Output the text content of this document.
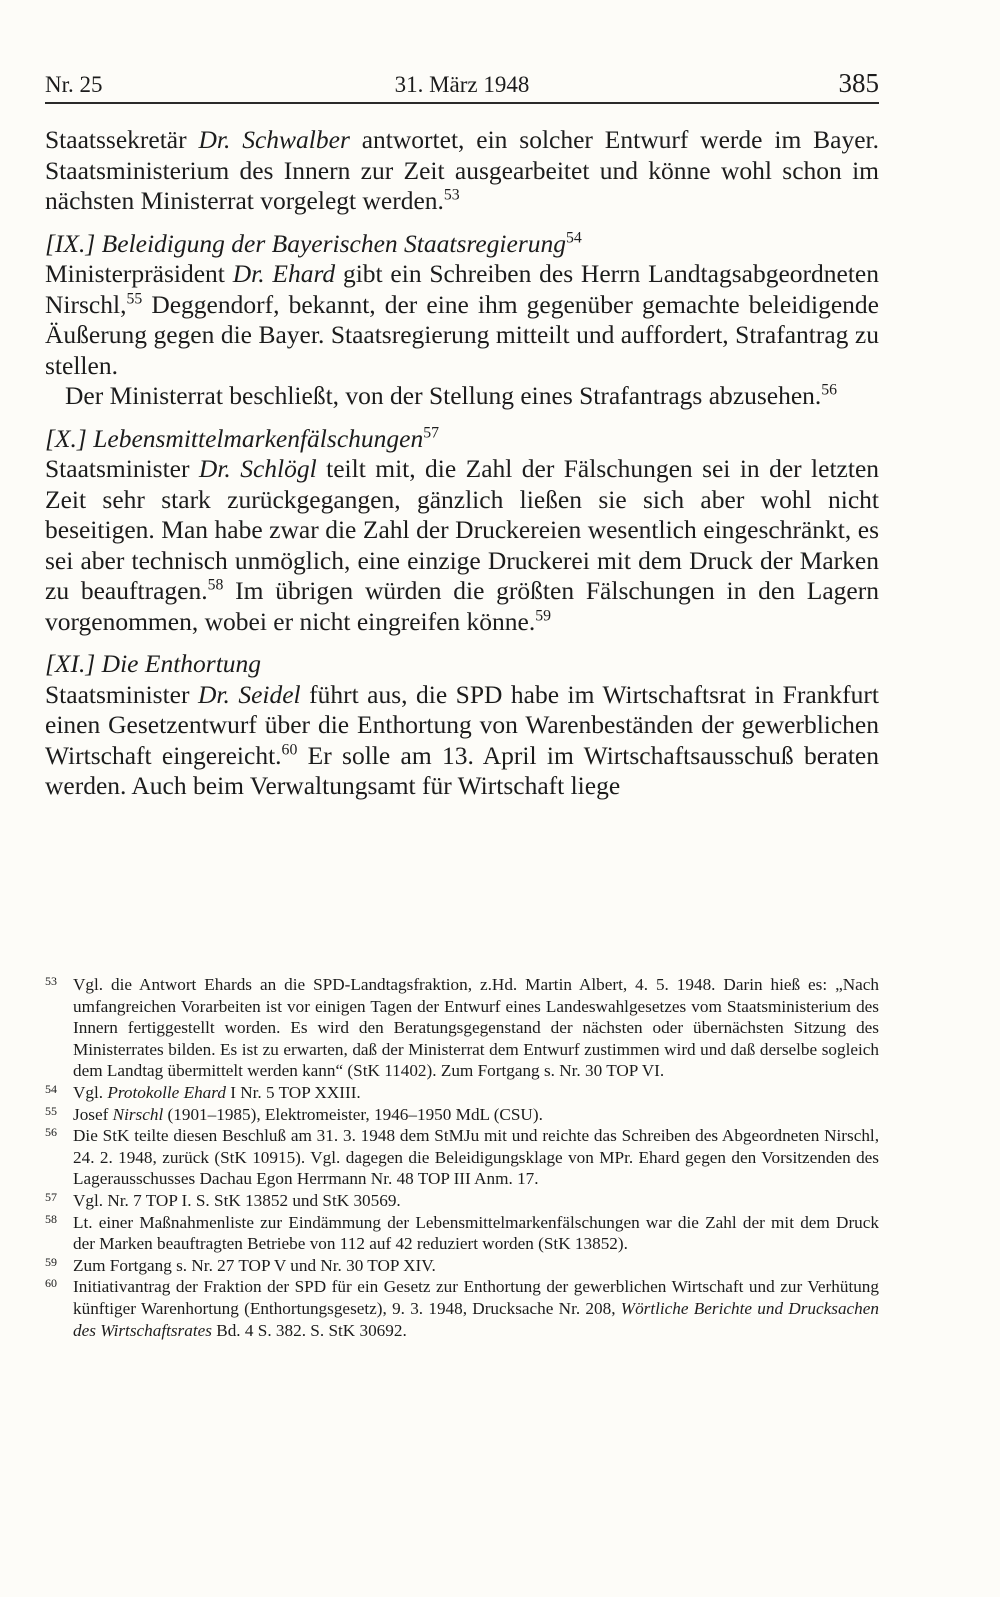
Nr. 25	31. März 1948	385

Staatssekretär Dr. Schwalber antwortet, ein solcher Entwurf werde im Bayer. Staatsministerium des Innern zur Zeit ausgearbeitet und könne wohl schon im nächsten Ministerrat vorgelegt werden.$^{53}$

[IX.] Beleidigung der Bayerischen Staatsregierung$^{54}$

Ministerpräsident Dr. Ehard gibt ein Schreiben des Herrn Landtagsabgeordneten Nirschl,$^{55}$ Deggendorf, bekannt, der eine ihm gegenüber gemachte beleidigende Äußerung gegen die Bayer. Staatsregierung mitteilt und auffordert, Strafantrag zu stellen.

Der Ministerrat beschließt, von der Stellung eines Strafantrags abzusehen.$^{56}$

[X.] Lebensmittelmarkenfälschungen$^{57}$

Staatsminister Dr. Schlögl teilt mit, die Zahl der Fälschungen sei in der letzten Zeit sehr stark zurückgegangen, gänzlich ließen sie sich aber wohl nicht beseitigen. Man habe zwar die Zahl der Druckereien wesentlich eingeschränkt, es sei aber technisch unmöglich, eine einzige Druckerei mit dem Druck der Marken zu beauftragen.$^{58}$ Im übrigen würden die größten Fälschungen in den Lagern vorgenommen, wobei er nicht eingreifen könne.$^{59}$

[XI.] Die Enthortung

Staatsminister Dr. Seidel führt aus, die SPD habe im Wirtschaftsrat in Frankfurt einen Gesetzentwurf über die Enthortung von Warenbeständen der gewerblichen Wirtschaft eingereicht.$^{60}$ Er solle am 13. April im Wirtschaftsausschuß beraten werden. Auch beim Verwaltungsamt für Wirtschaft liege

53 Vgl. die Antwort Ehards an die SPD-Landtagsfraktion, z.Hd. Martin Albert, 4. 5. 1948. Darin hieß es: „Nach umfangreichen Vorarbeiten ist vor einigen Tagen der Entwurf eines Landeswahlgesetzes vom Staatsministerium des Innern fertiggestellt worden. Es wird den Beratungsgegenstand der nächsten oder übernächsten Sitzung des Ministerrates bilden. Es ist zu erwarten, daß der Ministerrat dem Entwurf zustimmen wird und daß derselbe sogleich dem Landtag übermittelt werden kann“ (StK 11402). Zum Fortgang s. Nr. 30 TOP VI.
54 Vgl. Protokolle Ehard I Nr. 5 TOP XXIII.
55 Josef Nirschl (1901–1985), Elektromeister, 1946–1950 MdL (CSU).
56 Die StK teilte diesen Beschluß am 31. 3. 1948 dem StMJu mit und reichte das Schreiben des Abgeordneten Nirschl, 24. 2. 1948, zurück (StK 10915). Vgl. dagegen die Beleidigungsklage von MPr. Ehard gegen den Vorsitzenden des Lagerausschusses Dachau Egon Herrmann Nr. 48 TOP III Anm. 17.
57 Vgl. Nr. 7 TOP I. S. StK 13852 und StK 30569.
58 Lt. einer Maßnahmenliste zur Eindämmung der Lebensmittelmarkenfälschungen war die Zahl der mit dem Druck der Marken beauftragten Betriebe von 112 auf 42 reduziert worden (StK 13852).
59 Zum Fortgang s. Nr. 27 TOP V und Nr. 30 TOP XIV.
60 Initiativantrag der Fraktion der SPD für ein Gesetz zur Enthortung der gewerblichen Wirtschaft und zur Verhütung künftiger Warenhortung (Enthortungsgesetz), 9. 3. 1948, Drucksache Nr. 208, Wörtliche Berichte und Drucksachen des Wirtschaftsrates Bd. 4 S. 382. S. StK 30692.
